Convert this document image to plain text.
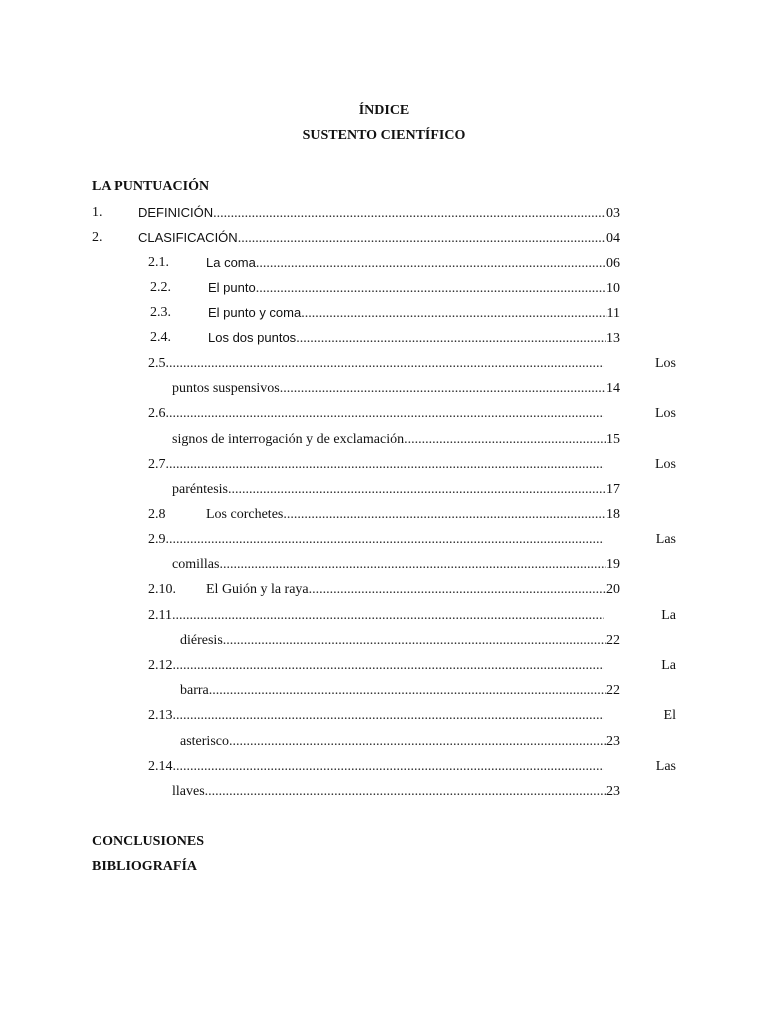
ÍNDICE
SUSTENTO CIENTÍFICO
LA PUNTUACIÓN
1.	DEFINICIÓN .....	03
2.	CLASIFICACIÓN .....	04
2.1.	La coma .....	06
2.2.	El punto .....	10
2.3.	El punto y coma .....	11
2.4.	Los dos puntos .....	13
2.5 .....	Los
puntos suspensivos .....	14
2.6 .....	Los
signos de interrogación y de exclamación .....	15
2.7 .....	Los
paréntesis .....	17
2.8	Los corchetes .....	18
2.9 .....	Las
comillas .....	19
2.10. El Guión y la raya .....	20
2.11 .....	La
diéresis .....	22
2.12 .....	La
barra .....	22
2.13 .....	El
asterisco .....	23
2.14 .....	Las
llaves .....	23
CONCLUSIONES
BIBLIOGRAFÍA
